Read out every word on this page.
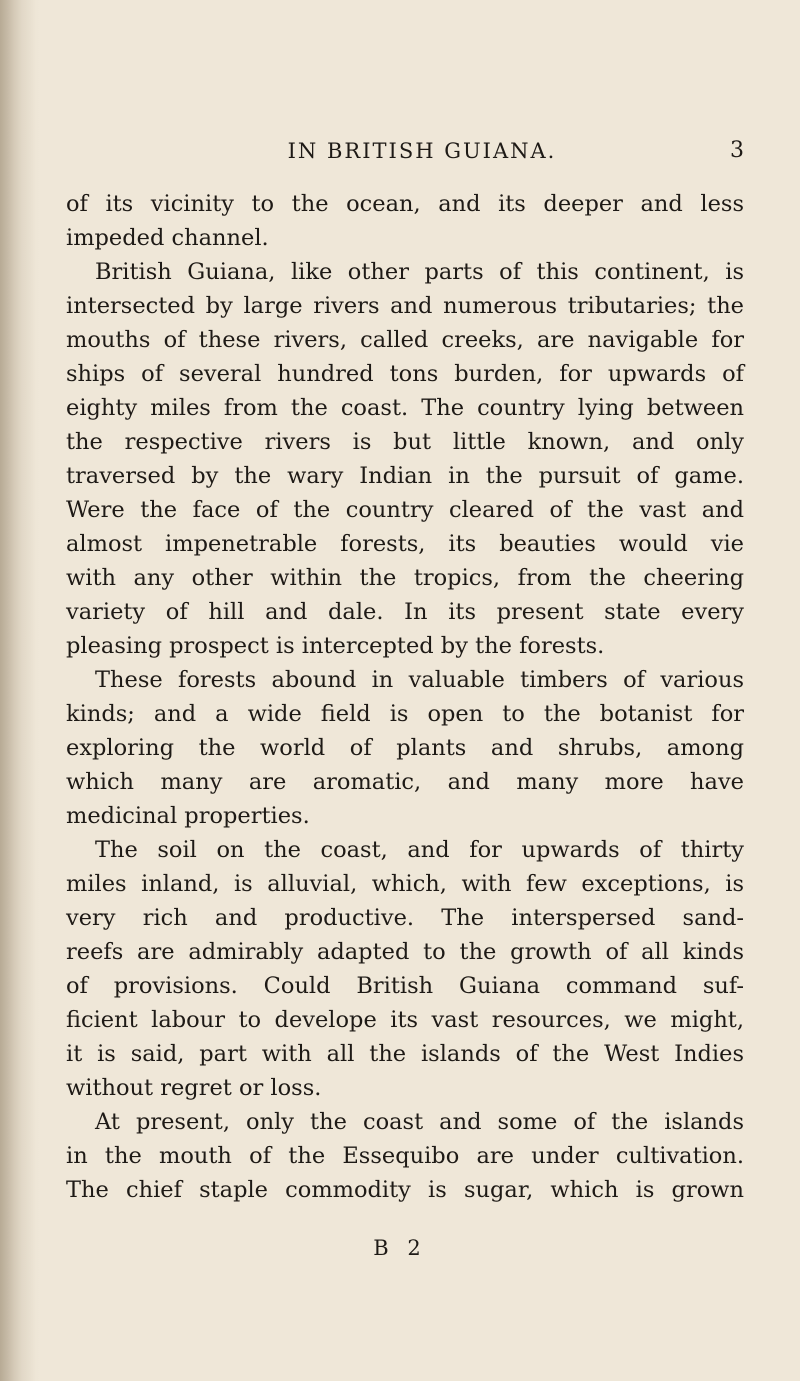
IN BRITISH GUIANA.	3
of its vicinity to the ocean, and its deeper and less
impeded channel.
British Guiana, like other parts of this continent, is
intersected by large rivers and numerous tributaries; the
mouths of these rivers, called creeks, are navigable for
ships of several hundred tons burden, for upwards of
eighty miles from the coast. The country lying between
the respective rivers is but little known, and only
traversed by the wary Indian in the pursuit of game.
Were the face of the country cleared of the vast and
almost impenetrable forests, its beauties would vie
with any other within the tropics, from the cheering
variety of hill and dale. In its present state every
pleasing prospect is intercepted by the forests.
These forests abound in valuable timbers of various
kinds; and a wide field is open to the botanist for
exploring the world of plants and shrubs, among
which many are aromatic, and many more have
medicinal properties.
The soil on the coast, and for upwards of thirty
miles inland, is alluvial, which, with few exceptions, is
very rich and productive. The interspersed sand-
reefs are admirably adapted to the growth of all kinds
of provisions. Could British Guiana command suf-
ficient labour to develope its vast resources, we might,
it is said, part with all the islands of the West Indies
without regret or loss.
At present, only the coast and some of the islands
in the mouth of the Essequibo are under cultivation.
The chief staple commodity is sugar, which is grown
B 2
